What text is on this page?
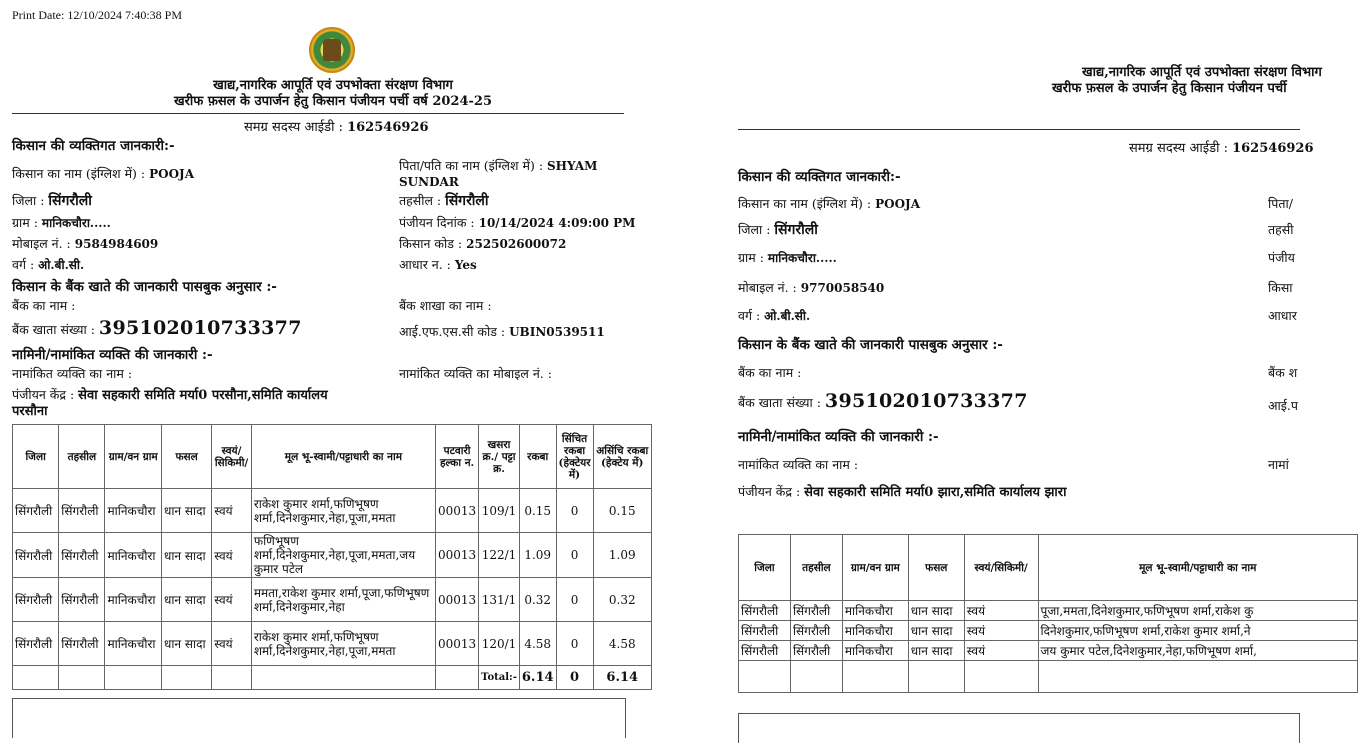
Print Date: 12/10/2024 7:40:38 PM
खाद्य,नागरिक आपूर्ति एवं उपभोक्ता संरक्षण विभाग
खरीफ फ़सल के उपार्जन हेतु किसान पंजीयन पर्ची वर्ष 2024-25
समग्र सदस्य आईडी : 162546926
किसान की व्यक्तिगत जानकारी:-
किसान का नाम (इंग्लिश में) : POOJA
पिता/पति का नाम (इंग्लिश में) : SHYAM
SUNDAR
जिला : सिंगरौली	तहसील : सिंगरौली
ग्राम : मानिकचौरा.....	पंजीयन दिनांक : 10/14/2024 4:09:00 PM
मोबाइल नं. : 9584984609	किसान कोड : 252502600072
वर्ग : ओ.बी.सी.	आधार न. : Yes
किसान के बैंक खाते की जानकारी पासबुक अनुसार :-
बैंक का नाम :	बैंक शाखा का नाम :
बैंक खाता संख्या : 395102010733377	आई.एफ.एस.सी कोड : UBIN0539511
नामिनी/नामांकित व्यक्ति की जानकारी :-
नामांकित व्यक्ति का नाम :	नामांकित व्यक्ति का मोबाइल नं. :
पंजीयन केंद्र : सेवा सहकारी समिति मर्या0 परसौना,समिति कार्यालय
परसौना
जिला	तहसील	ग्राम/वन ग्राम	फसल	स्वयं/ सिकिमी/	मूल भू-स्वामी/पट्टाधारी का नाम	पटवारी हल्का न.	खसरा क्र./ पट्टा क्र.	रकबा	सिंचित रकबा (हेक्टेयर में)	असिंचि रकबा (हेक्टेय में)
सिंगरौली	सिंगरौली	मानिकचौरा	धान सादा	स्वयं	राकेश कुमार शर्मा,फणिभूषण शर्मा,दिनेशकुमार,नेहा,पूजा,ममता	00013	109/1	0.15	0	0.15
सिंगरौली	सिंगरौली	मानिकचौरा	धान सादा	स्वयं	फणिभूषण शर्मा,दिनेशकुमार,नेहा,पूजा,ममता,जय कुमार पटेल	00013	122/1	1.09	0	1.09
सिंगरौली	सिंगरौली	मानिकचौरा	धान सादा	स्वयं	ममता,राकेश कुमार शर्मा,पूजा,फणिभूषण शर्मा,दिनेशकुमार,नेहा	00013	131/1	0.32	0	0.32
सिंगरौली	सिंगरौली	मानिकचौरा	धान सादा	स्वयं	राकेश कुमार शर्मा,फणिभूषण शर्मा,दिनेशकुमार,नेहा,पूजा,ममता	00013	120/1	4.58	0	4.58
							Total:-	6.14	0	6.14
खाद्य,नागरिक आपूर्ति एवं उपभोक्ता संरक्षण विभाग
खरीफ फ़सल के उपार्जन हेतु किसान पंजीयन पर्ची
समग्र सदस्य आईडी : 162546926
किसान की व्यक्तिगत जानकारी:-
किसान का नाम (इंग्लिश में) : POOJA	पिता/
जिला : सिंगरौली	तहसी
ग्राम : मानिकचौरा.....	पंजीय
मोबाइल नं. : 9770058540	किसा
वर्ग : ओ.बी.सी.	आधार
किसान के बैंक खाते की जानकारी पासबुक अनुसार :-
बैंक का नाम :	बैंक श
बैंक खाता संख्या : 395102010733377	आई.प
नामिनी/नामांकित व्यक्ति की जानकारी :-
नामांकित व्यक्ति का नाम :	नामां
पंजीयन केंद्र : सेवा सहकारी समिति मर्या0 झारा,समिति कार्यालय झारा
जिला	तहसील	ग्राम/वन ग्राम	फसल	स्वयं/सिकिमी/	मूल भू-स्वामी/पट्टाधारी का नाम
सिंगरौली	सिंगरौली	मानिकचौरा	धान सादा	स्वयं	पूजा,ममता,दिनेशकुमार,फणिभूषण शर्मा,राकेश कु
सिंगरौली	सिंगरौली	मानिकचौरा	धान सादा	स्वयं	दिनेशकुमार,फणिभूषण शर्मा,राकेश कुमार शर्मा,ने
सिंगरौली	सिंगरौली	मानिकचौरा	धान सादा	स्वयं	जय कुमार पटेल,दिनेशकुमार,नेहा,फणिभूषण शर्मा,
